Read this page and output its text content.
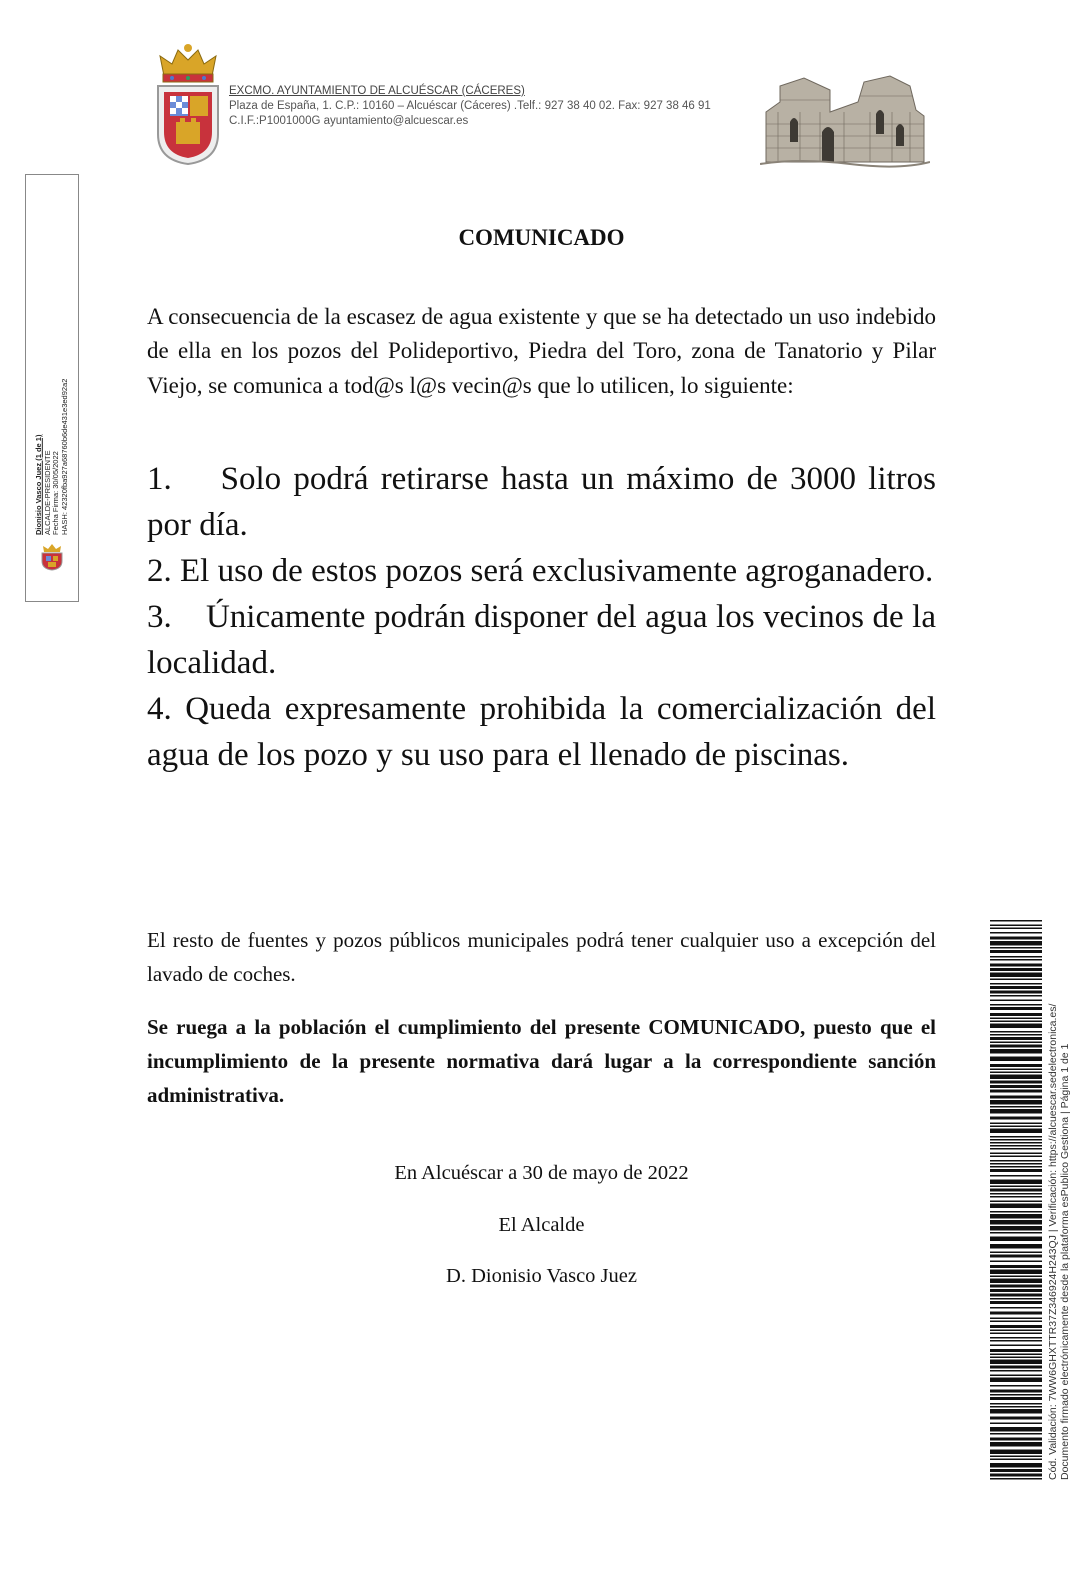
EXCMO. AYUNTAMIENTO DE ALCUÉSCAR (CÁCERES)
Plaza de España, 1. C.P.: 10160 – Alcuéscar (Cáceres) .Telf.: 927 38 40 02. Fax: 927 38 46 91
C.I.F.:P1001000G ayuntamiento@alcuescar.es
Dionisio Vasco Juez (1 de 1) ALCALDE-PRESIDENTE Fecha Firma: 30/05/2022 HASH: 42320fba927a68760b6de431e3ed92a2
COMUNICADO
A consecuencia de la escasez de agua existente y que se ha detectado un uso indebido de ella en los pozos del Polideportivo, Piedra del Toro, zona de Tanatorio y Pilar Viejo, se comunica a tod@s l@s vecin@s que lo utilicen, lo siguiente:
1.    Solo podrá retirarse hasta un máximo de 3000 litros por día.
2. El uso de estos pozos será exclusivamente agroganadero.
3.    Únicamente podrán disponer del agua los vecinos de la localidad.
4. Queda expresamente prohibida la comercialización del agua de los pozo y su uso para el llenado de piscinas.
El resto de fuentes y pozos públicos municipales podrá tener cualquier uso a excepción del lavado de coches.
Se ruega a la población el cumplimiento del presente COMUNICADO, puesto que el incumplimiento de la presente normativa dará lugar a la correspondiente sanción administrativa.
En Alcuéscar a 30 de mayo de 2022
El Alcalde
D. Dionisio Vasco Juez	Cód. Validación: 7WW6GHXTTR37Z346924H243QJ | Verificación: https://alcuescar.sedelectronica.es/ Documento firmado electrónicamente desde la plataforma esPublico Gestiona | Página 1 de 1
